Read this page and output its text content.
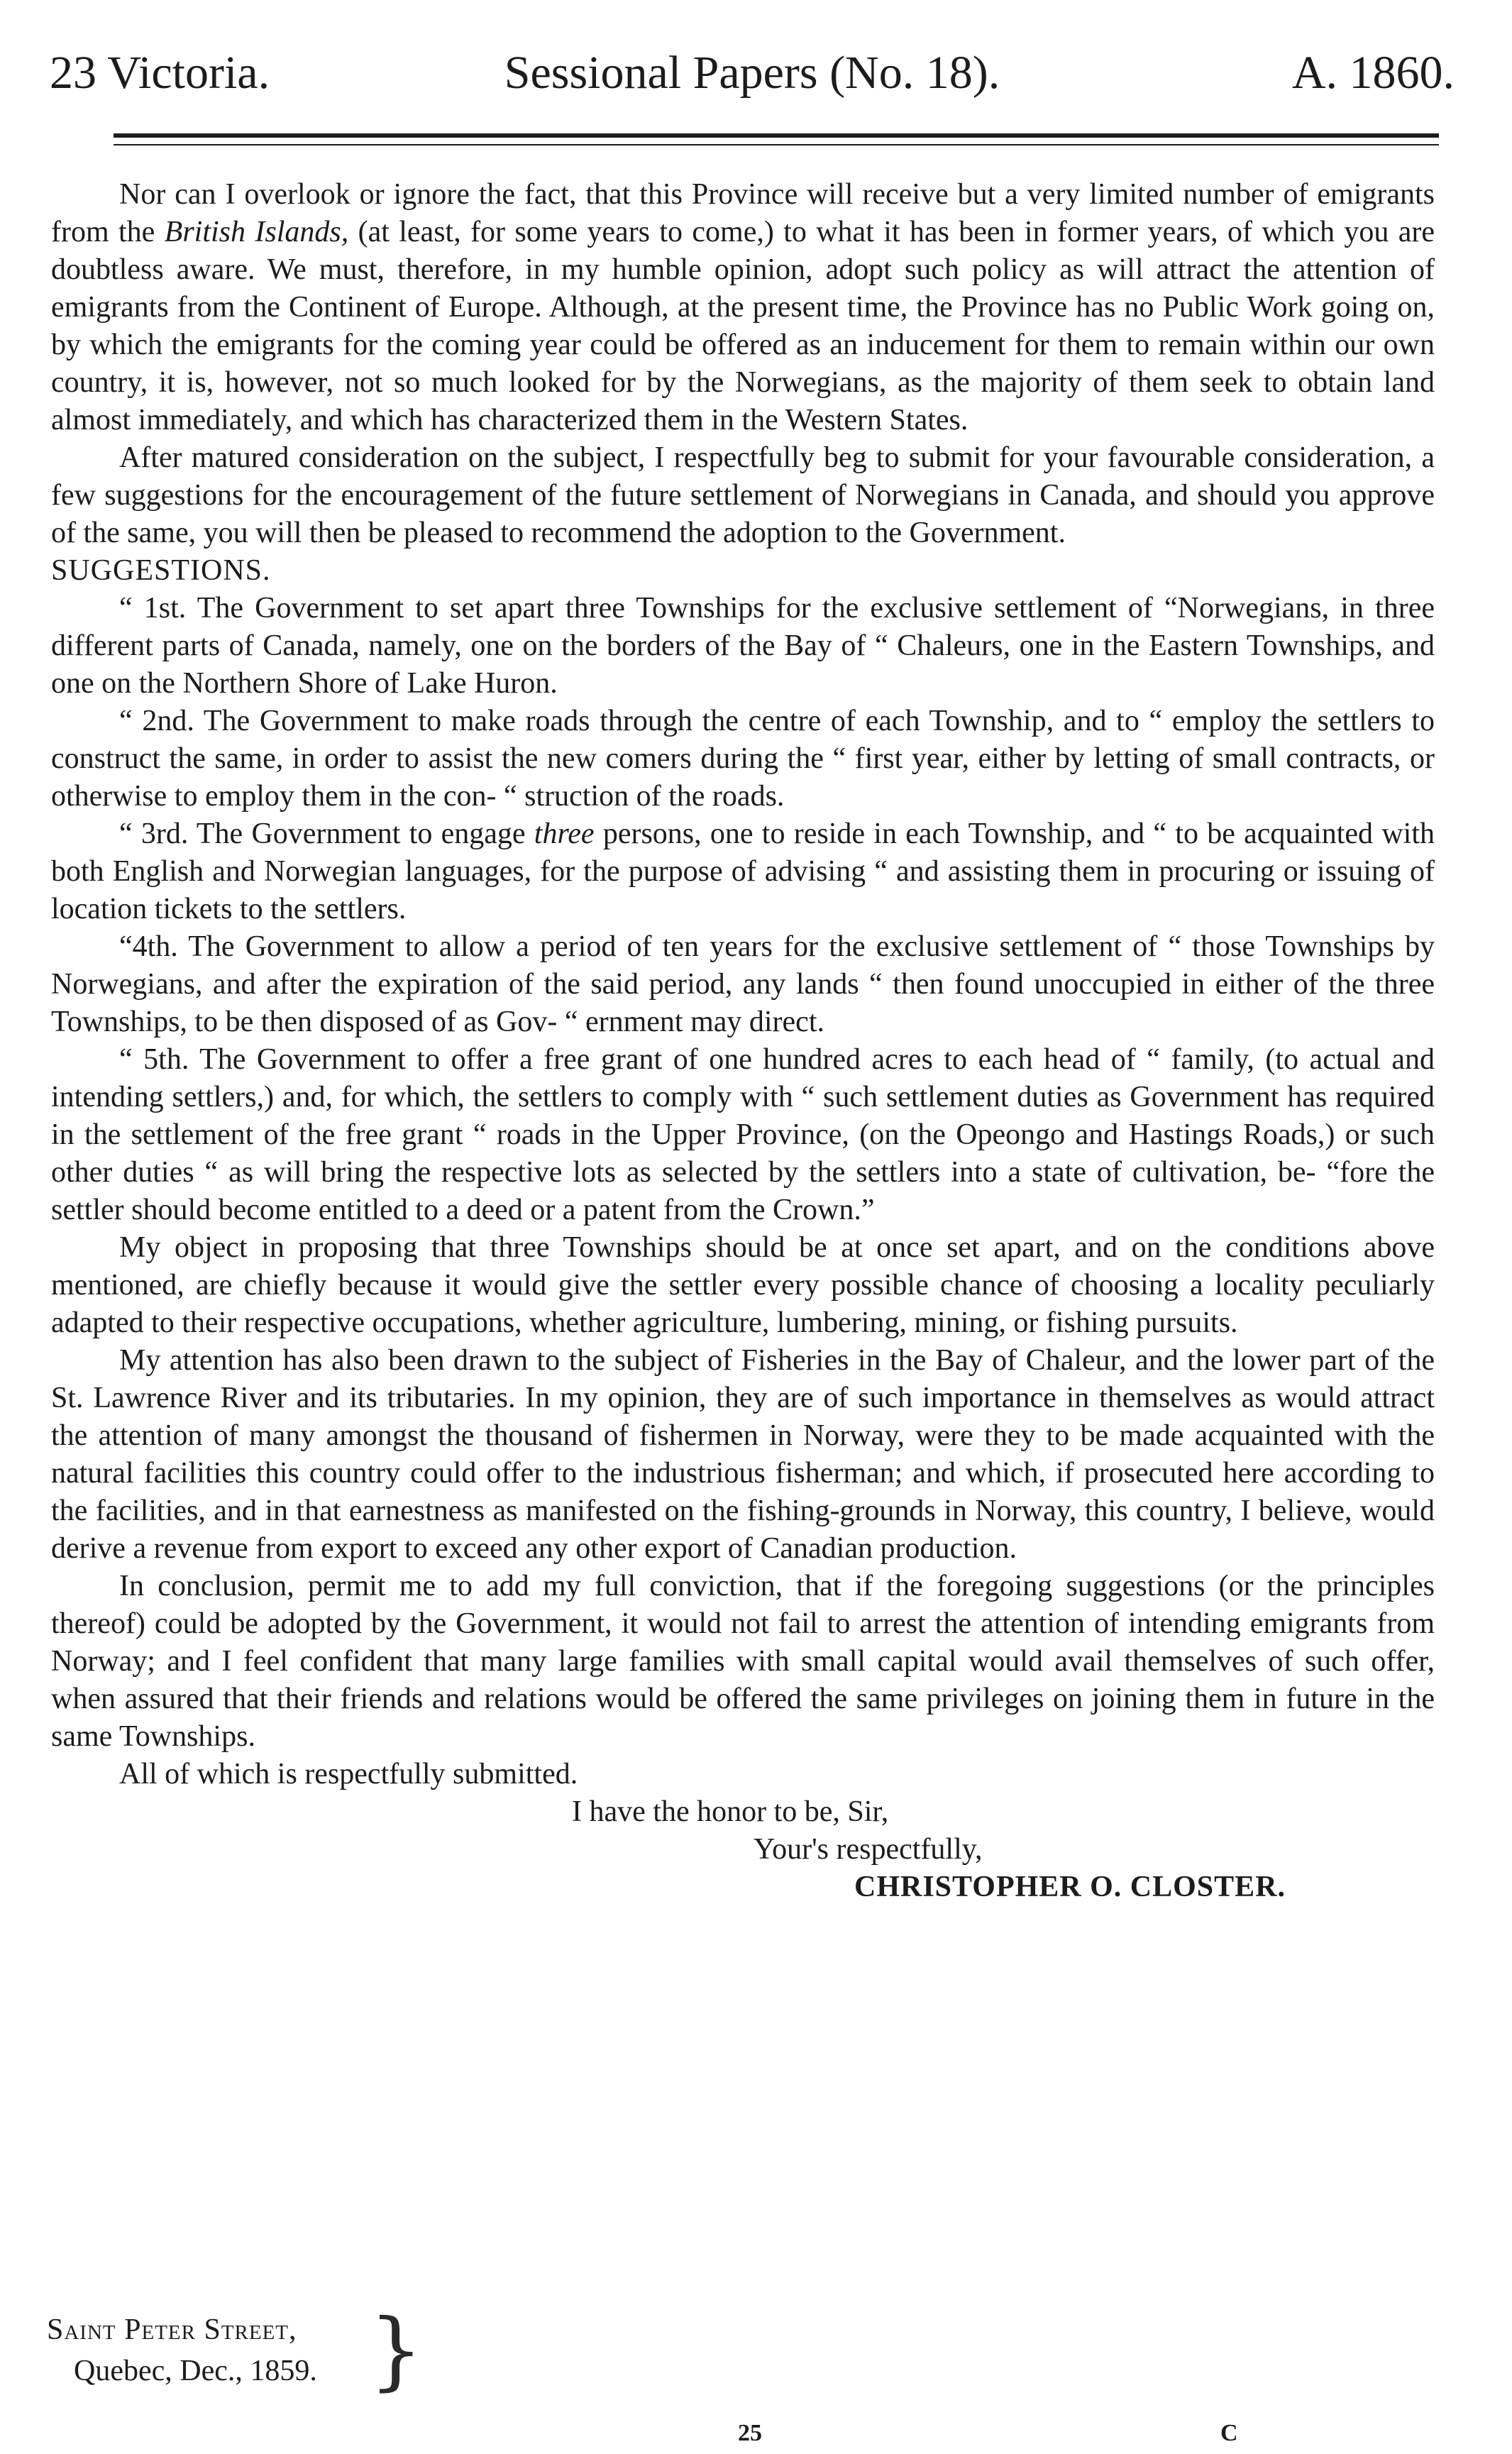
23 Victoria.	Sessional Papers (No. 18).	A. 1860.

Nor can I overlook or ignore the fact, that this Province will receive but a very limited number of emigrants from the British Islands, (at least, for some years to come,) to what it has been in former years, of which you are doubtless aware. We must, therefore, in my humble opinion, adopt such policy as will attract the attention of emigrants from the Continent of Europe. Although, at the present time, the Province has no Public Work going on, by which the emigrants for the coming year could be offered as an inducement for them to remain within our own country, it is, however, not so much looked for by the Norwegians, as the majority of them seek to obtain land almost immediately, and which has characterized them in the Western States.

After matured consideration on the subject, I respectfully beg to submit for your favourable consideration, a few suggestions for the encouragement of the future settlement of Norwegians in Canada, and should you approve of the same, you will then be pleased to recommend the adoption to the Government.

SUGGESTIONS.

“ 1st. The Government to set apart three Townships for the exclusive settlement of “Norwegians, in three different parts of Canada, namely, one on the borders of the Bay of “ Chaleurs, one in the Eastern Townships, and one on the Northern Shore of Lake Huron.

“ 2nd. The Government to make roads through the centre of each Township, and to “ employ the settlers to construct the same, in order to assist the new comers during the “ first year, either by letting of small contracts, or otherwise to employ them in the con- “ struction of the roads.

“ 3rd. The Government to engage three persons, one to reside in each Township, and “ to be acquainted with both English and Norwegian languages, for the purpose of advising “ and assisting them in procuring or issuing of location tickets to the settlers.

“4th. The Government to allow a period of ten years for the exclusive settlement of “ those Townships by Norwegians, and after the expiration of the said period, any lands “ then found unoccupied in either of the three Townships, to be then disposed of as Gov- “ ernment may direct.

“ 5th. The Government to offer a free grant of one hundred acres to each head of “ family, (to actual and intending settlers,) and, for which, the settlers to comply with “ such settlement duties as Government has required in the settlement of the free grant “ roads in the Upper Province, (on the Opeongo and Hastings Roads,) or such other duties “ as will bring the respective lots as selected by the settlers into a state of cultivation, be- “fore the settler should become entitled to a deed or a patent from the Crown.”

My object in proposing that three Townships should be at once set apart, and on the conditions above mentioned, are chiefly because it would give the settler every possible chance of choosing a locality peculiarly adapted to their respective occupations, whether agriculture, lumbering, mining, or fishing pursuits.

My attention has also been drawn to the subject of Fisheries in the Bay of Chaleur, and the lower part of the St. Lawrence River and its tributaries. In my opinion, they are of such importance in themselves as would attract the attention of many amongst the thousand of fishermen in Norway, were they to be made acquainted with the natural facilities this country could offer to the industrious fisherman; and which, if prosecuted here according to the facilities, and in that earnestness as manifested on the fishing-grounds in Norway, this country, I believe, would derive a revenue from export to exceed any other export of Canadian production.

In conclusion, permit me to add my full conviction, that if the foregoing suggestions (or the principles thereof) could be adopted by the Government, it would not fail to arrest the attention of intending emigrants from Norway; and I feel confident that many large families with small capital would avail themselves of such offer, when assured that their friends and relations would be offered the same privileges on joining them in future in the same Townships.

All of which is respectfully submitted.

I have the honor to be, Sir,

Your's respectfully,

CHRISTOPHER O. CLOSTER.

Saint Peter Street,
Quebec, Dec., 1859. }
25	C
